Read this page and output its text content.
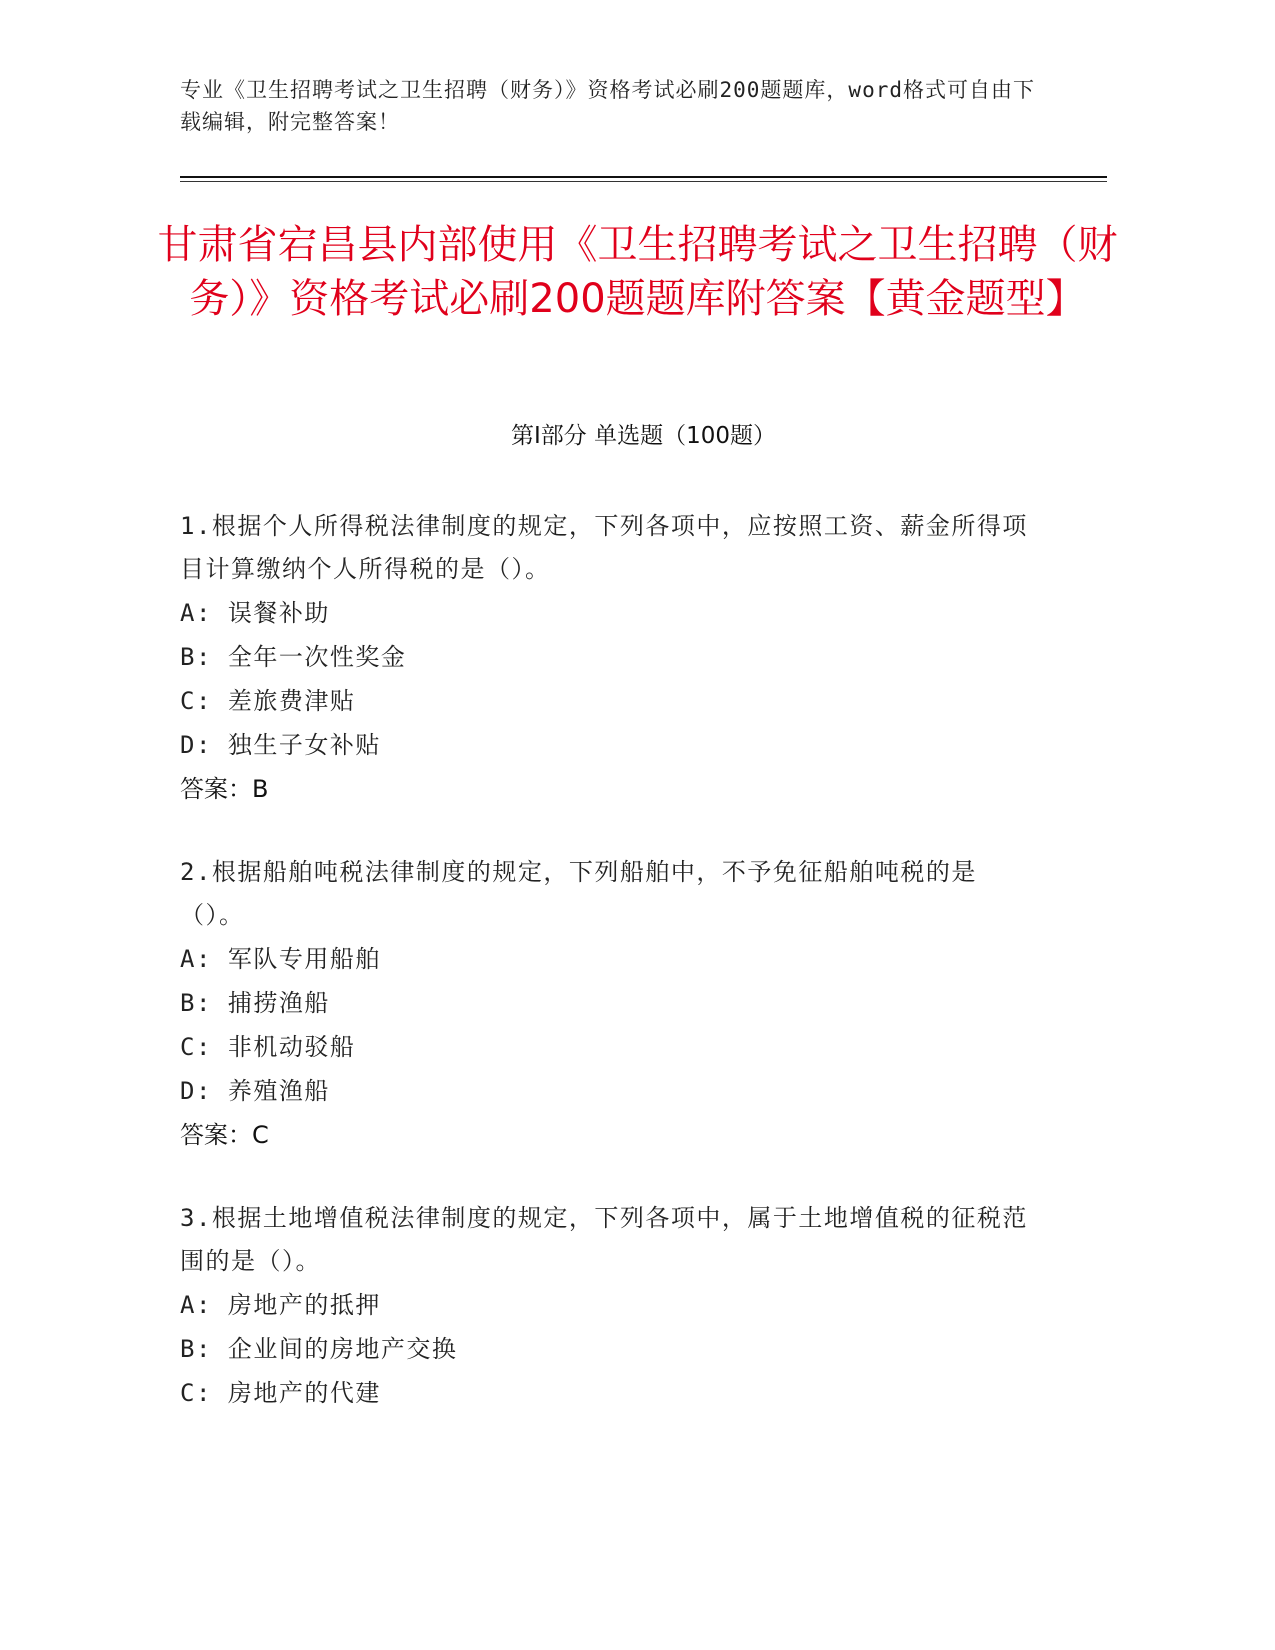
专业《卫生招聘考试之卫生招聘（财务）》资格考试必刷200题题库，word格式可自由下载编辑，附完整答案！
甘肃省宕昌县内部使用《卫生招聘考试之卫生招聘（财务）》资格考试必刷200题题库附答案【黄金题型】
第Ⅰ部分 单选题（100题）
1.根据个人所得税法律制度的规定，下列各项中，应按照工资、薪金所得项目计算缴纳个人所得税的是（）。
A: 误餐补助
B: 全年一次性奖金
C: 差旅费津贴
D: 独生子女补贴
答案：B
2.根据船舶吨税法律制度的规定，下列船舶中，不予免征船舶吨税的是（）。
A: 军队专用船舶
B: 捕捞渔船
C: 非机动驳船
D: 养殖渔船
答案：C
3.根据土地增值税法律制度的规定，下列各项中，属于土地增值税的征税范围的是（）。
A: 房地产的抵押
B: 企业间的房地产交换
C: 房地产的代建
